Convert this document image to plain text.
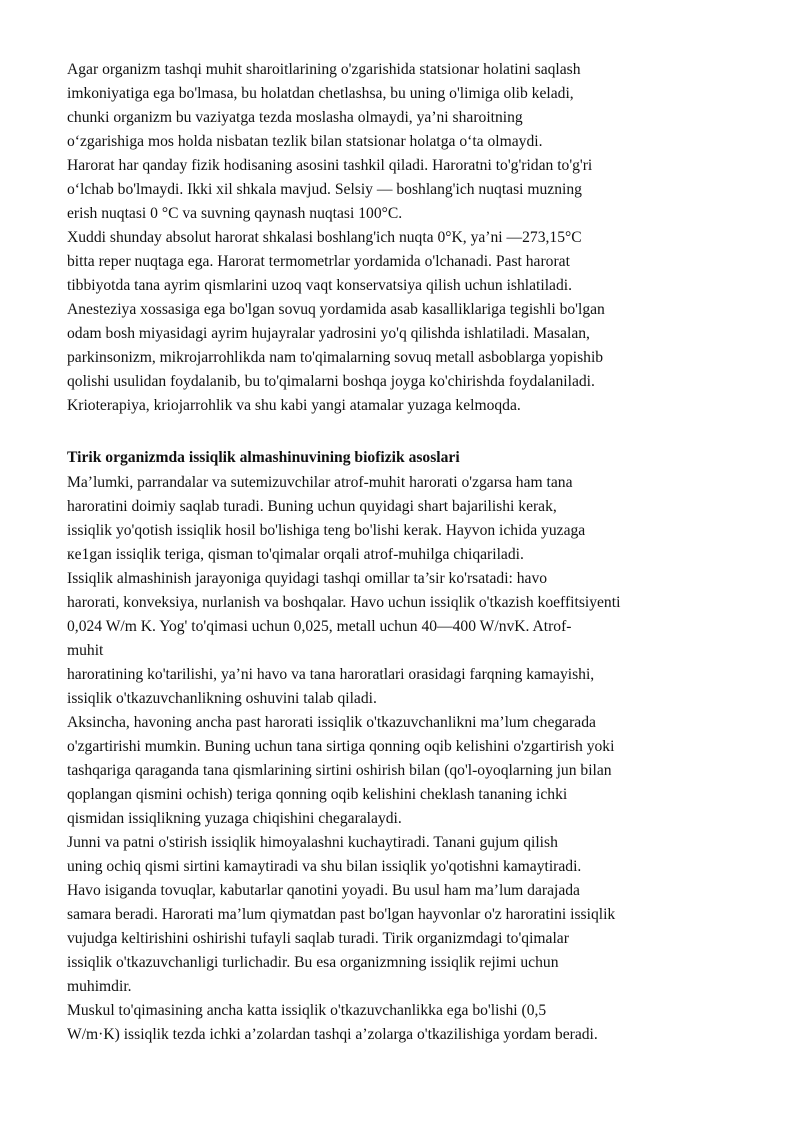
Agar organizm tashqi muhit sharoitlarining o'zgarishida statsionar holatini saqlash
imkoniyatiga ega bo'lmasa, bu holatdan chetlashsa, bu uning o'limiga olib keladi,
chunki organizm bu vaziyatga tezda moslasha olmaydi, ya’ni sharoitning
o‘zgarishiga mos holda nisbatan tezlik bilan statsionar holatga o‘ta olmaydi.
Harorat har qanday fizik hodisaning asosini tashkil qiladi. Haroratni to'g'ridan to'g'ri
o‘lchab bo'lmaydi. Ikki xil shkala mavjud. Selsiy — boshlang'ich nuqtasi muzning
erish nuqtasi 0 °C va suvning qaynash nuqtasi 100°C.
Xuddi shunday absolut harorat shkalasi boshlang'ich nuqta 0°K, ya’ni —273,15°C
bitta reper nuqtaga ega. Harorat termometrlar yordamida o'lchanadi. Past harorat
tibbiyotda tana ayrim qismlarini uzoq vaqt konservatsiya qilish uchun ishlatiladi.
Anesteziya xossasiga ega bo'lgan sovuq yordamida asab kasalliklariga tegishli bo'lgan
odam bosh miyasidagi ayrim hujayralar yadrosini yo'q qilishda ishlatiladi. Masalan,
parkinsonizm, mikrojarrohlikda nam to'qimalarning sovuq metall asboblarga yopishib
qolishi usulidan foydalanib, bu to'qimalarni boshqa joyga ko'chirishda foydalaniladi.
Krioterapiya, kriojarrohlik va shu kabi yangi atamalar yuzaga kelmoqda.
Tirik organizmda issiqlik almashinuvining biofizik asoslari
Ma’lumki, parrandalar va sutemizuvchilar atrof-muhit harorati o'zgarsa ham tana
haroratini doimiy saqlab turadi. Buning uchun quyidagi shart bajarilishi kerak,
issiqlik yo'qotish issiqlik hosil bo'lishiga teng bo'lishi kerak. Hayvon ichida yuzaga
кe1gan issiqlik teriga, qisman to'qimalar orqali atrof-muhilga chiqariladi.
Issiqlik almashinish jarayoniga quyidagi tashqi omillar ta’sir ko'rsatadi: havo
harorati, konveksiya, nurlanish va boshqalar. Havo uchun issiqlik o'tkazish koeffitsiyenti
0,024 W/m K. Yog' to'qimasi uchun 0,025, metall uchun 40—400 W/nvK. Atrof-
muhit
haroratining ko'tarilishi, ya’ni havo va tana haroratlari orasidagi farqning kamayishi,
issiqlik o'tkazuvchanlikning oshuvini talab qiladi.
Aksincha, havoning ancha past harorati issiqlik o'tkazuvchanlikni ma’lum chegarada
o'zgartirishi mumkin. Buning uchun tana sirtiga qonning oqib kelishini o'zgartirish yoki
tashqariga qaraganda tana qismlarining sirtini oshirish bilan (qo'l-oyoqlarning jun bilan
qoplangan qismini ochish) teriga qonning oqib kelishini cheklash tananing ichki
qismidan issiqlikning yuzaga chiqishini chegaralaydi.
Junni va patni o'stirish issiqlik himoyalashni kuchaytiradi. Tanani gujum qilish
uning ochiq qismi sirtini kamaytiradi va shu bilan issiqlik yo'qotishni kamaytiradi.
Havo isiganda tovuqlar, kabutarlar qanotini yoyadi. Bu usul ham ma’lum darajada
samara beradi. Harorati ma’lum qiymatdan past bo'lgan hayvonlar o'z haroratini issiqlik
vujudga keltirishini oshirishi tufayli saqlab turadi. Tirik organizmdagi to'qimalar
issiqlik o'tkazuvchanligi turlichadir. Bu esa organizmning issiqlik rejimi uchun
muhimdir.
Muskul to'qimasining ancha katta issiqlik o'tkazuvchanlikka ega bo'lishi (0,5
W/m·K) issiqlik tezda ichki a’zolardan tashqi a’zolarga o'tkazilishiga yordam beradi.
